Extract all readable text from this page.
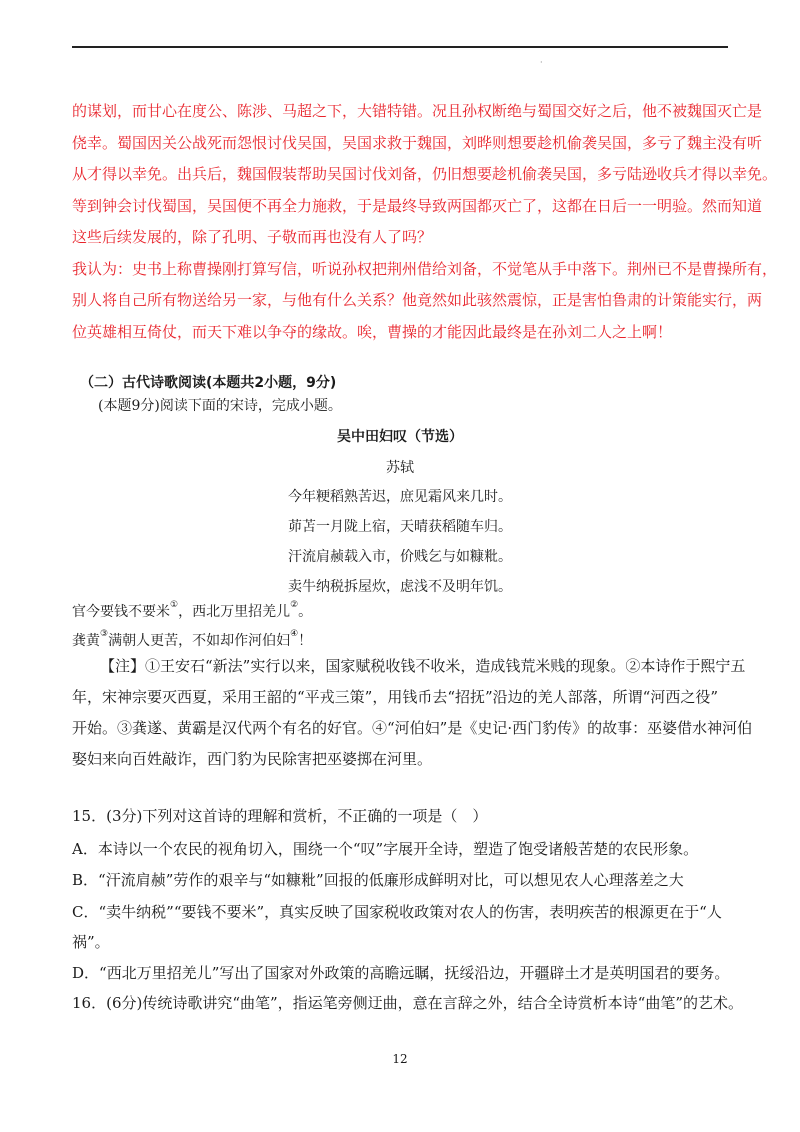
·

的谋划，而甘心在度公、陈涉、马超之下，大错特错。况且孙权断绝与蜀国交好之后，他不被魏国灭亡是

侥幸。蜀国因关公战死而怨恨讨伐吴国，吴国求救于魏国，刘晔则想要趁机偷袭吴国，多亏了魏主没有听

从才得以幸免。出兵后，魏国假装帮助吴国讨伐刘备，仍旧想要趁机偷袭吴国，多亏陆逊收兵才得以幸免。

等到钟会讨伐蜀国，吴国便不再全力施救，于是最终导致两国都灭亡了，这都在日后一一明验。然而知道

这些后续发展的，除了孔明、子敬而再也没有人了吗？

我认为：史书上称曹操刚打算写信，听说孙权把荆州借给刘备，不觉笔从手中落下。荆州已不是曹操所有，

别人将自己所有物送给另一家，与他有什么关系？他竟然如此骇然震惊，正是害怕鲁肃的计策能实行，两

位英雄相互倚仗，而天下难以争夺的缘故。唉，曹操的才能因此最终是在孙刘二人之上啊！

（二）古代诗歌阅读(本题共2小题，9分)
(本题9分)阅读下面的宋诗，完成小题。
吴中田妇叹（节选）
苏轼
今年粳稻熟苦迟，庶见霜风来几时。
茆苫一月陇上宿，天晴获稻随车归。
汗流肩赪载入市，价贱乞与如糠粃。
卖牛纳税拆屋炊，虑浅不及明年饥。
官今要钱不要米①，西北万里招羌儿②。
龚黄③满朝人更苦，不如却作河伯妇④！

【注】①王安石“新法”实行以来，国家赋税收钱不收米，造成钱荒米贱的现象。②本诗作于熙宁五

年，宋神宗要灭西夏，采用王韶的“平戎三策”，用钱币去“招抚”沿边的羌人部落，所谓“河西之役”

开始。③龚遂、黄霸是汉代两个有名的好官。④“河伯妇”是《史记·西门豹传》的故事：巫婆借水神河伯

娶妇来向百姓敲诈，西门豹为民除害把巫婆掷在河里。

15．(3分)下列对这首诗的理解和赏析，不正确的一项是（　）
A．本诗以一个农民的视角切入，围绕一个“叹”字展开全诗，塑造了饱受诸般苦楚的农民形象。
B．“汗流肩赪”劳作的艰辛与“如糠粃”回报的低廉形成鲜明对比，可以想见农人心理落差之大
C．“卖牛纳税”“要钱不要米”，真实反映了国家税收政策对农人的伤害，表明疾苦的根源更在于“人
祸”。
D．“西北万里招羌儿”写出了国家对外政策的高瞻远瞩，抚绥沿边，开疆辟土才是英明国君的要务。
16．(6分)传统诗歌讲究“曲笔”，指运笔旁侧迂曲，意在言辞之外，结合全诗赏析本诗“曲笔”的艺术。
12
